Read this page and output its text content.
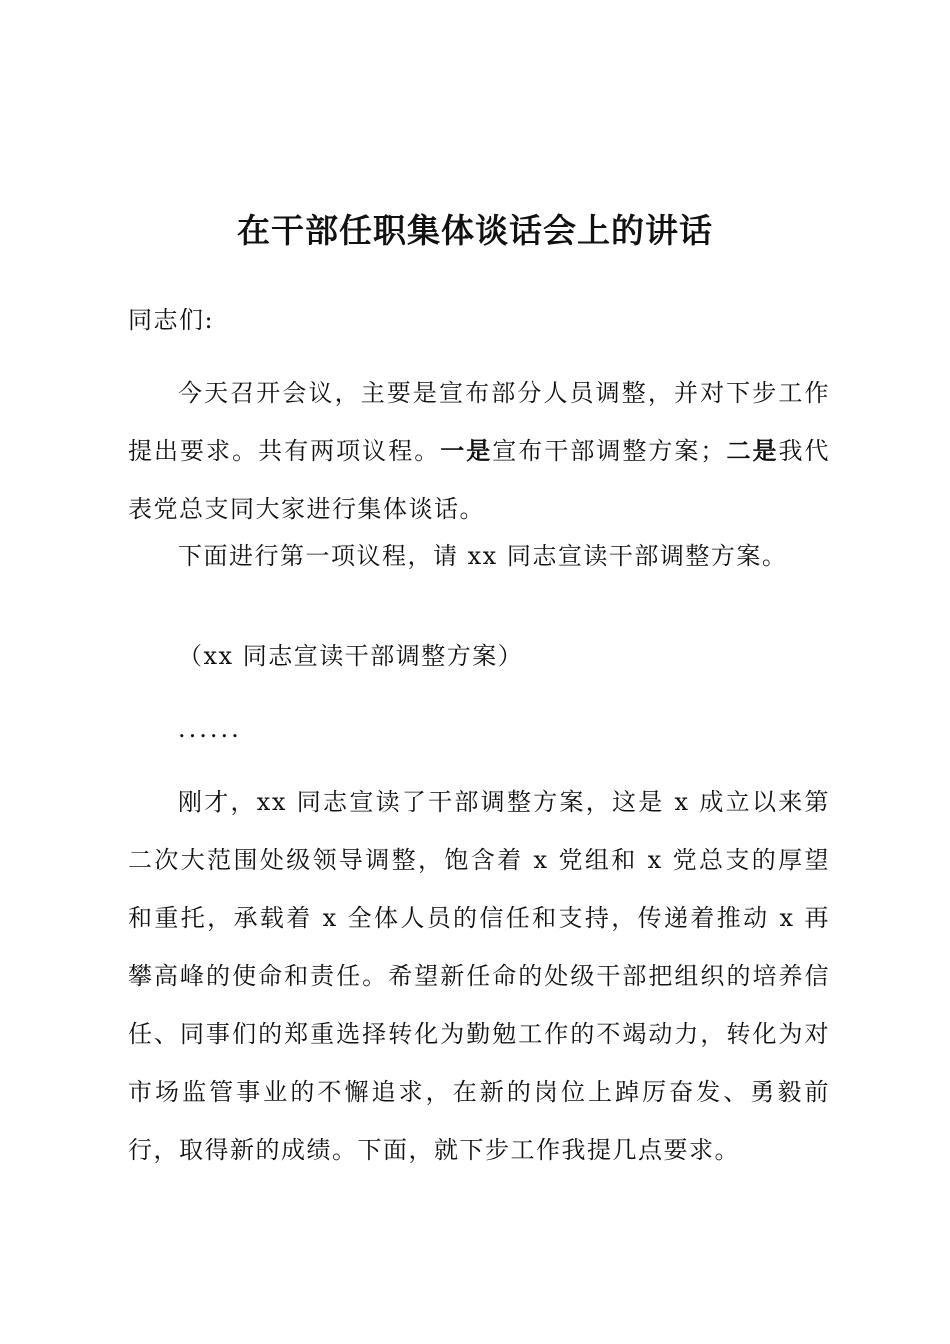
在干部任职集体谈话会上的讲话
同志们:
今天召开会议，主要是宣布部分人员调整，并对下步工作提出要求。共有两项议程。一是宣布干部调整方案；二是我代表党总支同大家进行集体谈话。
下面进行第一项议程，请 xx 同志宣读干部调整方案。
（xx 同志宣读干部调整方案）
......
刚才，xx 同志宣读了干部调整方案，这是 x 成立以来第二次大范围处级领导调整，饱含着 x 党组和 x 党总支的厚望和重托，承载着 x 全体人员的信任和支持，传递着推动 x 再攀高峰的使命和责任。希望新任命的处级干部把组织的培养信任、同事们的郑重选择转化为勤勉工作的不竭动力，转化为对市场监管事业的不懈追求，在新的岗位上踔厉奋发、勇毅前行，取得新的成绩。下面，就下步工作我提几点要求。
